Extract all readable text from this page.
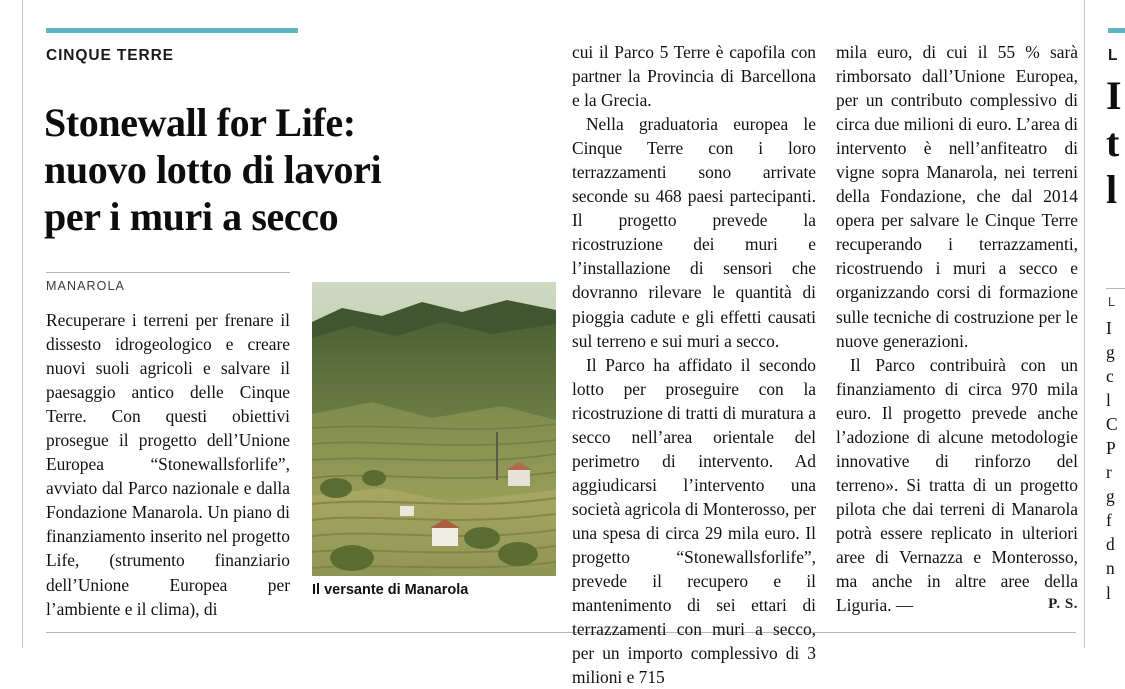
CINQUE TERRE
Stonewall for Life:
nuovo lotto di lavori
per i muri a secco
MANAROLA

Recuperare i terreni per frenare il dissesto idrogeologico e creare nuovi suoli agricoli e salvare il paesaggio antico delle Cinque Terre. Con questi obiettivi prosegue il progetto dell’Unione Europea “Stonewallsforlife”, avviato dal Parco nazionale e dalla Fondazione Manarola. Un piano di finanziamento inserito nel progetto Life, (strumento finanziario dell’Unione Europea per l’ambiente e il clima), di

Il versante di Manarola

cui il Parco 5 Terre è capofila con partner la Provincia di Barcellona e la Grecia.

Nella graduatoria europea le Cinque Terre con i loro terrazzamenti sono arrivate seconde su 468 paesi partecipanti. Il progetto prevede la ricostruzione dei muri e l’installazione di sensori che dovranno rilevare le quantità di pioggia cadute e gli effetti causati sul terreno e sui muri a secco.

Il Parco ha affidato il secondo lotto per proseguire con la ricostruzione di tratti di muratura a secco nell’area orientale del perimetro di intervento. Ad aggiudicarsi l’intervento una società agricola di Monterosso, per una spesa di circa 29 mila euro. Il progetto “Stonewallsforlife”, prevede il recupero e il mantenimento di sei ettari di terrazzamenti con muri a secco, per un importo complessivo di 3 milioni e 715

mila euro, di cui il 55 % sarà rimborsato dall’Unione Europea, per un contributo complessivo di circa due milioni di euro. L’area di intervento è nell’anfiteatro di vigne sopra Manarola, nei terreni della Fondazione, che dal 2014 opera per salvare le Cinque Terre recuperando i terrazzamenti, ricostruendo i muri a secco e organizzando corsi di formazione sulle tecniche di costruzione per le nuove generazioni.

Il Parco contribuirà con un finanziamento di circa 970 mila euro. Il progetto prevede anche l’adozione di alcune metodologie innovative di rinforzo del terreno». Si tratta di un progetto pilota che dai terreni di Manarola potrà essere replicato in ulteriori aree di Vernazza e Monterosso, ma anche in altre aree della Liguria. —	P. S.
L
I
t
l
L
I
g
c
l
C
P
r
g
f
d
n
l
